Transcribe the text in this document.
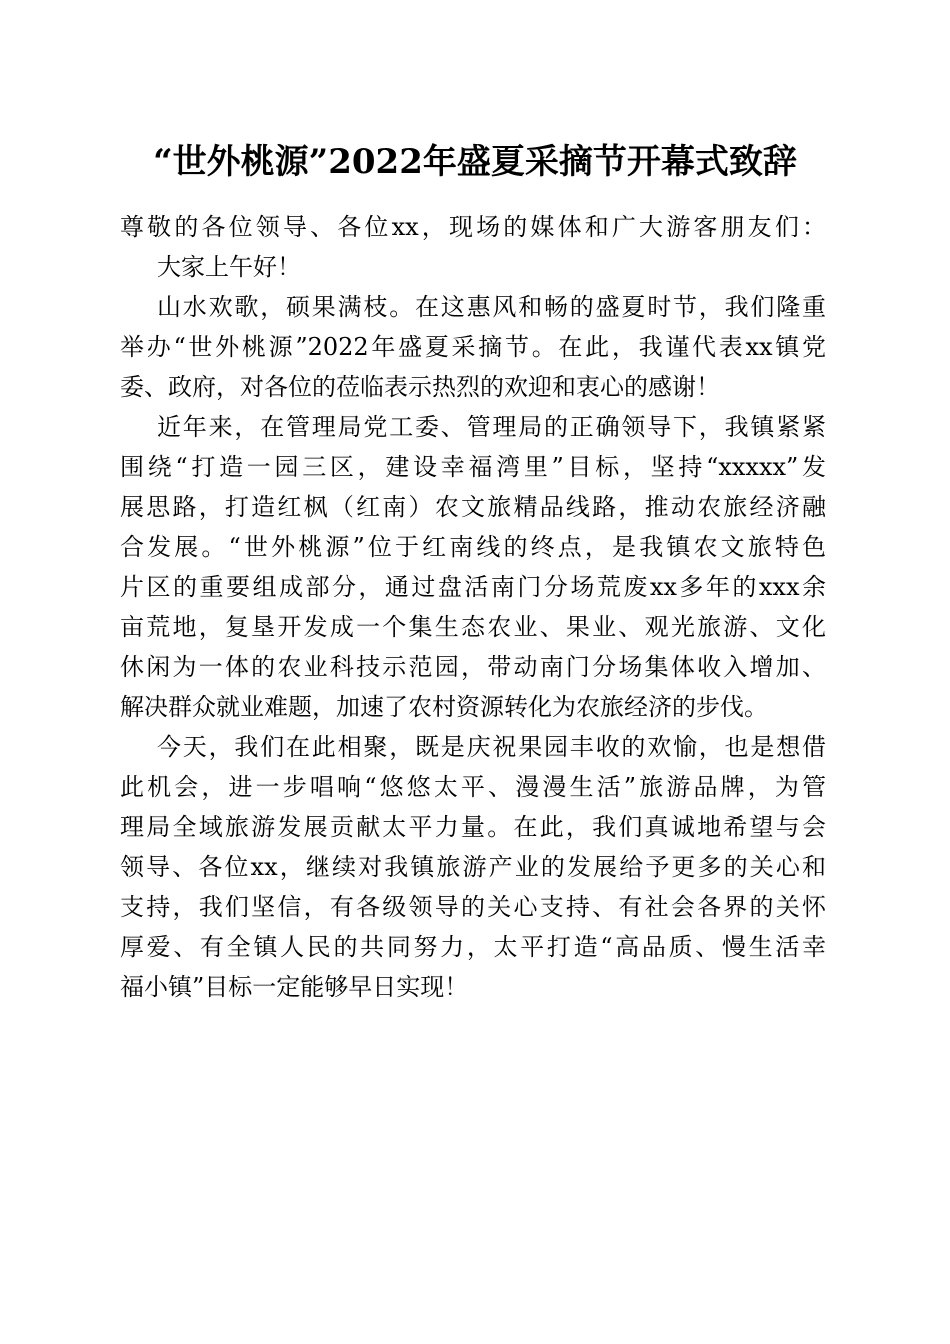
“世外桃源”2022年盛夏采摘节开幕式致辞
尊敬的各位领导、各位xx，现场的媒体和广大游客朋友们：
大家上午好！
山水欢歌，硕果满枝。在这惠风和畅的盛夏时节，我们隆重
举办“世外桃源”2022年盛夏采摘节。在此，我谨代表xx镇党
委、政府，对各位的莅临表示热烈的欢迎和衷心的感谢！
近年来，在管理局党工委、管理局的正确领导下，我镇紧紧
围绕“打造一园三区，建设幸福湾里”目标，坚持“xxxxx”发
展思路，打造红枫（红南）农文旅精品线路，推动农旅经济融
合发展。“世外桃源”位于红南线的终点，是我镇农文旅特色
片区的重要组成部分，通过盘活南门分场荒废xx多年的xxx余
亩荒地，复垦开发成一个集生态农业、果业、观光旅游、文化
休闲为一体的农业科技示范园，带动南门分场集体收入增加、
解决群众就业难题，加速了农村资源转化为农旅经济的步伐。
今天，我们在此相聚，既是庆祝果园丰收的欢愉，也是想借
此机会，进一步唱响“悠悠太平、漫漫生活”旅游品牌，为管
理局全域旅游发展贡献太平力量。在此，我们真诚地希望与会
领导、各位xx，继续对我镇旅游产业的发展给予更多的关心和
支持，我们坚信，有各级领导的关心支持、有社会各界的关怀
厚爱、有全镇人民的共同努力，太平打造“高品质、慢生活幸
福小镇”目标一定能够早日实现！
